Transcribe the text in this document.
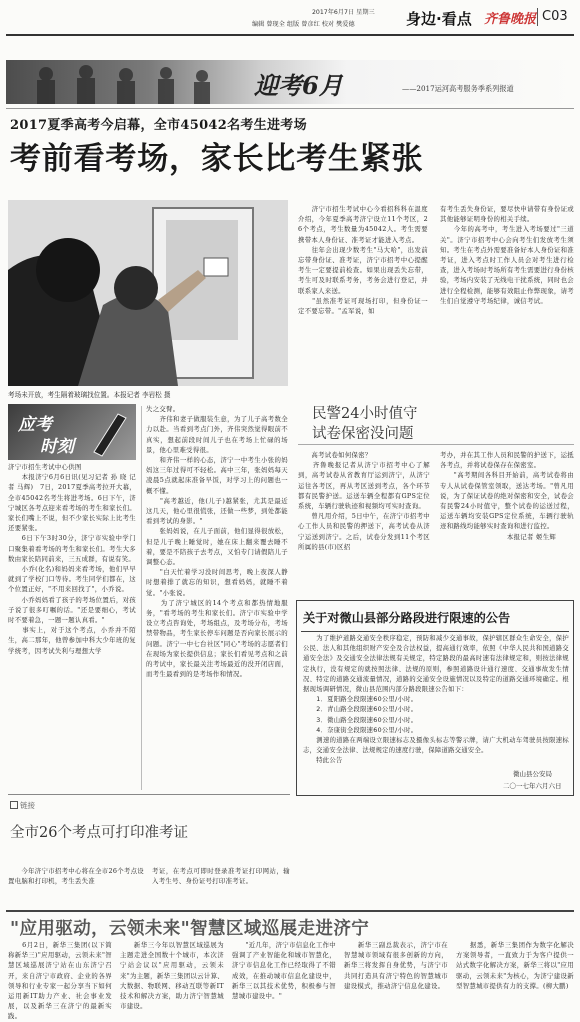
2017年6月7日 星期三
编辑 曾现全 组版 曾彦红 校对 樊爱德	身边·看点 齐鲁晚报 C03
迎考6月	——2017运河高考服务季系列报道
2017夏季高考今启幕，全市45042名考生进考场
考前看考场，家长比考生紧张
考场未开放，考生隔着玻璃找位置。本报记者 李岩松 摄
应考
时刻
济宁市招生考试中心供图
　　本报济宁6月6日讯(见习记者 孙 晓 记者 马辉)　7日，2017夏季高考拉开大幕，全市45042名考生将进考场。6日下午，济宁城区各考点迎来看考场的考生和家长们。家长们嘴上不说，但不少家长实际上比考生还要紧张。
　　6日下午3时30分，济宁市实验中学门口聚集着看考场的考生和家长们。考生大多数由家长陪同前来，三五成群，有说有笑。
　　小乔(化名)和妈妈来看考场，他们早早就到了学校门口等待。考生同学们都在，这个位置正好，"不用来回找了"，小乔说。
　　小乔妈妈看了孩子的考场位置后，对孩子说了很多叮嘱的话。"还是要细心，考试时不要着急，一题一题认真看。"
　　事实上，对于这个考点，小乔并不陌生，高二那年，他曾参加中科大少年班的复学统考，因考试失利与理想大学
失之交臂。
　　齐伟和妻子做服装生意，为了儿子高考数全力以赴。当看到考点门外，齐伟突然觉得眼前不真实，想起前段时间儿子也在考场上忙碌的场景，他心里难受得很。
　　和齐伟一样的心态，济宁一中考生小张的妈妈这三年过得可不轻松。高中三年，张妈妈每天凌晨5点就起床准备早饭，对学习上的问题也一概不懂。
　　"高考越近，他(儿子)越紧张，尤其是最近这几天，他心里很慌张，还做一些梦，到处都能看到考试的身影。"
　　张妈妈说，在儿子面前，他们显得很放松，但是儿子晚上睡觉时，她在床上翻来覆去睡不着，要是不陪孩子去考点，又怕专门请假陪儿子调整心态。
　　"白天忙着学习没时间思考，晚上夜深人静时想着排了就忘的知识，想看妈妈，就睡不着觉。"小张说。
　　为了济宁城区的14个考点和都热情地服务，"看考场的考生和家长们。济宁市实验中学设立考点咨询处，考场组点，及考场分布，考场禁带物品，考生家长停车问题是否向家长展示的问题。济宁一中七台社区"同心"考场的志愿者们在现场为家长提供信息；家长们看见考点和之前的考试中，家长最关注考场最近的没开闭店面，而考生最看到的是考场作和情况。
　　济宁市招生考试中心今看招科科在温度介绍，今年夏季高考济宁设立11个考区，26个考点，考生数量为45042人。考生需要携带本人身份证、准考证才能进入考点。
　　往年会出现少数考生"马大哈"，出发前忘带身份证、准考证，济宁市招考中心提醒考生一定要提前检查。如果出现丢失忘带，考生可及时联系考务，考务会进行登记，并联系家人来送。
　　"虽然准考证可现场打印，但身份证一定不要忘带。"孟军说，如
有考生丢失身份证，要尽快申请带有身份证或其他能够证明身份的相关手续。
　　今年的高考中，考生进入考场要过"三道关"。济宁市招考中心会向考生们发放考生须知。考生在考点外需要准备好本人身份证和准考证，进入考点时工作人员会对考生进行检查，进入考场时考场所有考生需要进行身份核验，考场内安装了无线电干扰系统，同时也会进行全程检测，能够有效阻止作弊现象，请考生们自觉遵守考场纪律，诚信考试。
民警24小时值守
试卷保密没问题
　　高考试卷如何保密？
　　齐鲁晚报记者从济宁市招考中心了解到，高考试卷从省教育厅运到济宁，从济宁运往各考区，再从考区送到考点，各个环节都有民警护送。运送车辆全程都有GPS定位系统，车辆行驶轨迹和视频均可实时查询。
　　曾凡用介绍，5日中午，在济宁市招考中心工作人员和民警的押送下，高考试卷从济宁运送到济宁。之后，试卷分发到11个考区所属的县(市)区招
考办，并在其工作人员和民警的护送下，运抵各考点，并将试卷保存在保密室。
　　"高考期间各科目开始前，高考试卷将由专人从试卷保管室领取，送达考场。"曾凡用说，为了保证试卷的绝对保密和安全，试卷会有民警24小时值守，整个试卷的运送过程，运送车辆均安装GPS定位系统，车辆行驶轨迹和路线均能够实时查询和进行监控。
　　　　　　　　　　本报记者 姬生辉
关于对微山县部分路段进行限速的公告
　　为了维护道路交通安全秩序稳定，预防和减少交通事故，保护辖区群众生命安全，保护公民、法人和其他组织财产安全及合法权益，提高通行效率，依照《中华人民共和国道路交通安全法》及交通安全法律法规有关规定，特定路段的最高时速有法律规定和，则按法律规定执行，没有规定的就按照法律、法规的原则，参照道路设计通行速度、交通事故发生情况、特定的道路交通流量情况，道路的交通安全设施情况以及特定的道路交通环境确定。根据现场调研情况，微山县范围内部分路段限速公告如下：
　　1．夏阳路全段限速60公里/小时。
　　2．青山路全段限速60公里/小时。
　　3．微山路全段限速60公里/小时。
　　4．奈康街全段限速60公里/小时。
　　测速的道路在两端设立限速标志及摄像头标志等警示牌，请广大机动车驾驶员按限速标志，交通安全法律、法规规定的速度行驶，保障道路交通安全。
　　特此公告
微山县公安局
二〇一七年六月六日
链接
全市26个考点可打印准考证
　　今年济宁市招考中心将在全市26个考点设置电脑和打印机，考生丢失准
考证，在考点可即时登录准考证打印网站，输入考生号、身份证号打印准考证。
"应用驱动，云领未来"智慧区域巡展走进济宁
　　6月2日，新华三集团(以下简称新华三)"应用驱动，云领未来"智慧区域巡展济宁站在山东济宁召开，来自济宁市政府、企业的各界领导和行业专家一起分享当下如何运用新IT助力产业、社会事业发展，以及新华三在济宁的最新实践。
　　新华三今年以智慧区域巡展为主题走进全国数十个城市，本次济宁站会议以"应用驱动，云领未来"为主题，新华三集团以云计算、大数据、物联网、移动互联等新IT技术和解决方案，助力济宁智慧城市建设。
　　"近几年，济宁市信息化工作中强调了产业智能化和城市智慧化，济宁市信息化工作已经取得了不错成效，在推动城市信息化建设中，新华三以其技术优势，积极参与智慧城市建设中。"
　　新华三副总裁表示，济宁市在智慧城市领域有很多创新的方向，新华三将发挥自身优势，与济宁市共同打造具有济宁特色的智慧城市建设模式，推动济宁信息化建设。
　　据悉，新华三集团作为数字化解决方案领导者，一直致力于为客户提供一站式数字化解决方案，新华三将以"应用驱动，云领未来"为核心，为济宁建设新型智慧城市提供有力的支撑。(柳大鹏)
